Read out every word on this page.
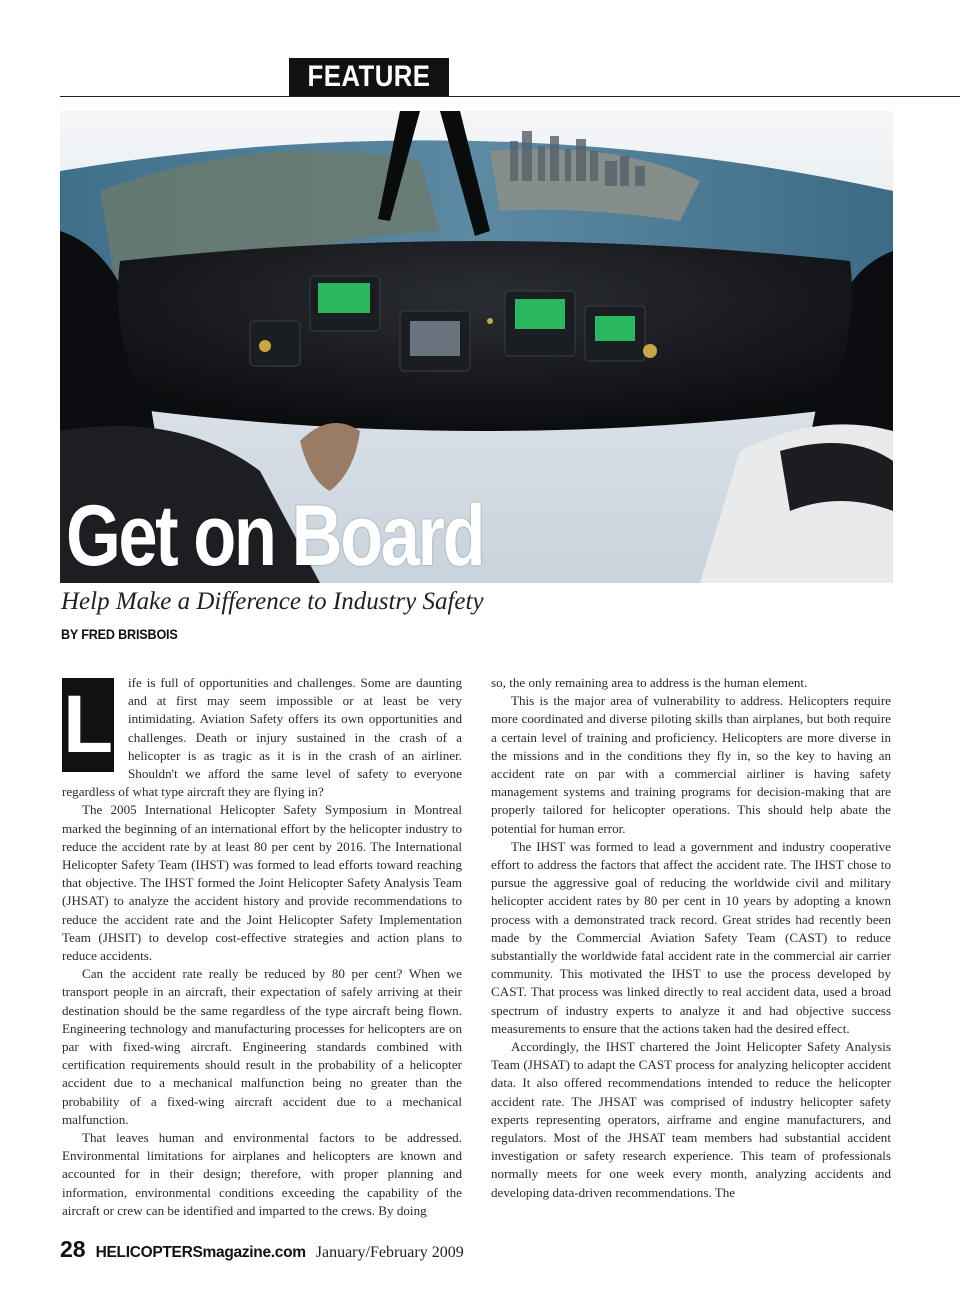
FEATURE
Get on Board
Help Make a Difference to Industry Safety
BY FRED BRISBOIS
L	ife is full of opportunities and challenges. Some are daunting and at first may seem impossible or at least be very intimidating. Aviation Safety offers its own opportunities and challenges. Death or injury sustained in the crash of a helicopter is as tragic as it is in the crash of an airliner. Shouldn't we afford the same level of safety to everyone regardless of what type aircraft they are flying in?

The 2005 International Helicopter Safety Symposium in Montreal marked the beginning of an international effort by the helicopter industry to reduce the accident rate by at least 80 per cent by 2016. The International Helicopter Safety Team (IHST) was formed to lead efforts toward reaching that objective. The IHST formed the Joint Helicopter Safety Analysis Team (JHSAT) to analyze the accident history and provide recommendations to reduce the accident rate and the Joint Helicopter Safety Implementation Team (JHSIT) to develop cost-effective strategies and action plans to reduce accidents.

Can the accident rate really be reduced by 80 per cent? When we transport people in an aircraft, their expectation of safely arriving at their destination should be the same regardless of the type aircraft being flown. Engineering technology and manufacturing processes for helicopters are on par with fixed-wing aircraft. Engineering standards combined with certification requirements should result in the probability of a helicopter accident due to a mechanical malfunction being no greater than the probability of a fixed-wing aircraft accident due to a mechanical malfunction.

That leaves human and environmental factors to be addressed. Environmental limitations for airplanes and helicopters are known and accounted for in their design; therefore, with proper planning and information, environmental conditions exceeding the capability of the aircraft or crew can be identified and imparted to the crews. By doing

so, the only remaining area to address is the human element.

This is the major area of vulnerability to address. Helicopters require more coordinated and diverse piloting skills than airplanes, but both require a certain level of training and proficiency. Helicopters are more diverse in the missions and in the conditions they fly in, so the key to having an accident rate on par with a commercial airliner is having safety management systems and training programs for decision-making that are properly tailored for helicopter operations. This should help abate the potential for human error.

The IHST was formed to lead a government and industry cooperative effort to address the factors that affect the accident rate. The IHST chose to pursue the aggressive goal of reducing the worldwide civil and military helicopter accident rates by 80 per cent in 10 years by adopting a known process with a demonstrated track record. Great strides had recently been made by the Commercial Aviation Safety Team (CAST) to reduce substantially the worldwide fatal accident rate in the commercial air carrier community. This motivated the IHST to use the process developed by CAST. That process was linked directly to real accident data, used a broad spectrum of industry experts to analyze it and had objective success measurements to ensure that the actions taken had the desired effect.

Accordingly, the IHST chartered the Joint Helicopter Safety Analysis Team (JHSAT) to adapt the CAST process for analyzing helicopter accident data. It also offered recommendations intended to reduce the helicopter accident rate. The JHSAT was comprised of industry helicopter safety experts representing operators, airframe and engine manufacturers, and regulators. Most of the JHSAT team members had substantial accident investigation or safety research experience. This team of professionals normally meets for one week every month, analyzing accidents and developing data-driven recommendations. The

28 HELICOPTERSmagazine.com January/February 2009
